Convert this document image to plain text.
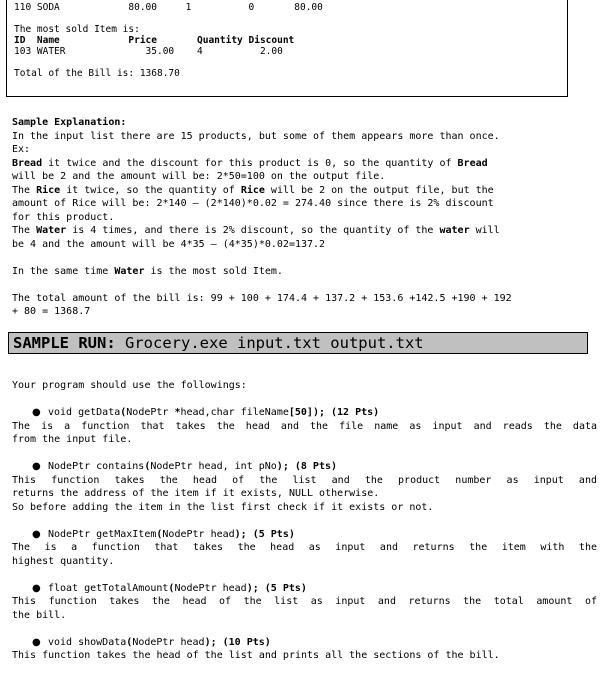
110 SODA            80.00     1          0       80.00
The most sold Item is:
ID  Name            Price       Quantity Discount
103 WATER              35.00    4          2.00
Total of the Bill is: 1368.70
Sample Explanation:
In the input list there are 15 products, but some of them appears more than once.
Ex:
Bread it twice and the discount for this product is 0, so the quantity of Bread
will be 2 and the amount will be: 2*50=100 on the output file.
The Rice it twice, so the quantity of Rice will be 2 on the output file, but the
amount of Rice will be: 2*140 – (2*140)*0.02 = 274.40 since there is 2% discount
for this product.
The Water is 4 times, and there is 2% discount, so the quantity of the water will
be 4 and the amount will be 4*35 – (4*35)*0.02=137.2
In the same time Water is the most sold Item.
The total amount of the bill is: 99 + 100 + 174.4 + 137.2 + 153.6 +142.5 +190 + 192
+ 80 = 1368.7
SAMPLE RUN: Grocery.exe input.txt output.txt
Your program should use the followings:
● void getData(NodePtr *head,char fileName[50]); (12 Pts)
The is a function that takes the head and the file name as input and reads the data
from the input file.
● NodePtr contains(NodePtr head, int pNo); (8 Pts)
This function takes the head of the list and the product number as input and
returns the address of the item if it exists, NULL otherwise.
So before adding the item in the list first check if it exists or not.
● NodePtr getMaxItem(NodePtr head); (5 Pts)
The is a function that takes the head as input and returns the item with the
highest quantity.
● float getTotalAmount(NodePtr head); (5 Pts)
This function takes the head of the list as input and returns the total amount of
the bill.
● void showData(NodePtr head); (10 Pts)
This function takes the head of the list and prints all the sections of the bill.
